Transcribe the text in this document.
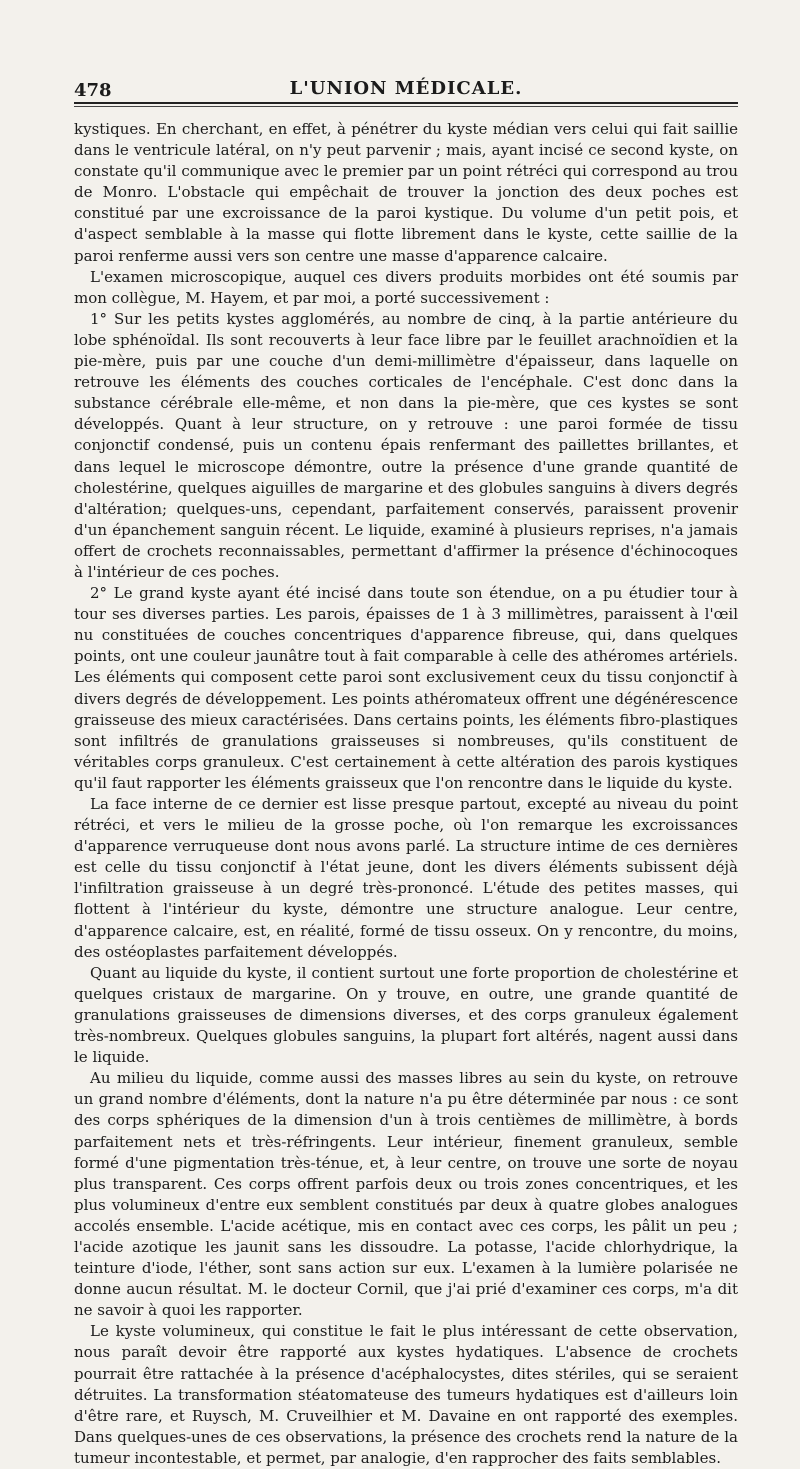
478	L'UNION MÉDICALE.

kystiques. En cherchant, en effet, à pénétrer du kyste médian vers celui qui fait saillie dans le ventricule latéral, on n'y peut parvenir ; mais, ayant incisé ce second kyste, on constate qu'il communique avec le premier par un point rétréci qui correspond au trou de Monro. L'obstacle qui empêchait de trouver la jonction des deux poches est constitué par une excroissance de la paroi kystique. Du volume d'un petit pois, et d'aspect semblable à la masse qui flotte librement dans le kyste, cette saillie de la paroi renferme aussi vers son centre une masse d'apparence calcaire.

L'examen microscopique, auquel ces divers produits morbides ont été soumis par mon collègue, M. Hayem, et par moi, a porté successivement :

1° Sur les petits kystes agglomérés, au nombre de cinq, à la partie antérieure du lobe sphénoïdal. Ils sont recouverts à leur face libre par le feuillet arachnoïdien et la pie-mère, puis par une couche d'un demi-millimètre d'épaisseur, dans laquelle on retrouve les éléments des couches corticales de l'encéphale. C'est donc dans la substance cérébrale elle-même, et non dans la pie-mère, que ces kystes se sont développés. Quant à leur structure, on y retrouve : une paroi formée de tissu conjonctif condensé, puis un contenu épais renfermant des paillettes brillantes, et dans lequel le microscope démontre, outre la présence d'une grande quantité de cholestérine, quelques aiguilles de margarine et des globules sanguins à divers degrés d'altération; quelques-uns, cependant, parfaitement conservés, paraissent provenir d'un épanchement sanguin récent. Le liquide, examiné à plusieurs reprises, n'a jamais offert de crochets reconnaissables, permettant d'affirmer la présence d'échinocoques à l'intérieur de ces poches.

2° Le grand kyste ayant été incisé dans toute son étendue, on a pu étudier tour à tour ses diverses parties. Les parois, épaisses de 1 à 3 millimètres, paraissent à l'œil nu constituées de couches concentriques d'apparence fibreuse, qui, dans quelques points, ont une couleur jaunâtre tout à fait comparable à celle des athéromes artériels. Les éléments qui composent cette paroi sont exclusivement ceux du tissu conjonctif à divers degrés de développement. Les points athéromateux offrent une dégénérescence graisseuse des mieux caractérisées. Dans certains points, les éléments fibro-plastiques sont infiltrés de granulations graisseuses si nombreuses, qu'ils constituent de véritables corps granuleux. C'est certainement à cette altération des parois kystiques qu'il faut rapporter les éléments graisseux que l'on rencontre dans le liquide du kyste.

La face interne de ce dernier est lisse presque partout, excepté au niveau du point rétréci, et vers le milieu de la grosse poche, où l'on remarque les excroissances d'apparence verruqueuse dont nous avons parlé. La structure intime de ces dernières est celle du tissu conjonctif à l'état jeune, dont les divers éléments subissent déjà l'infiltration graisseuse à un degré très-prononcé. L'étude des petites masses, qui flottent à l'intérieur du kyste, démontre une structure analogue. Leur centre, d'apparence calcaire, est, en réalité, formé de tissu osseux. On y rencontre, du moins, des ostéoplastes parfaitement développés.

Quant au liquide du kyste, il contient surtout une forte proportion de cholestérine et quelques cristaux de margarine. On y trouve, en outre, une grande quantité de granulations graisseuses de dimensions diverses, et des corps granuleux également très-nombreux. Quelques globules sanguins, la plupart fort altérés, nagent aussi dans le liquide.

Au milieu du liquide, comme aussi des masses libres au sein du kyste, on retrouve un grand nombre d'éléments, dont la nature n'a pu être déterminée par nous : ce sont des corps sphériques de la dimension d'un à trois centièmes de millimètre, à bords parfaitement nets et très-réfringents. Leur intérieur, finement granuleux, semble formé d'une pigmentation très-ténue, et, à leur centre, on trouve une sorte de noyau plus transparent. Ces corps offrent parfois deux ou trois zones concentriques, et les plus volumineux d'entre eux semblent constitués par deux à quatre globes analogues accolés ensemble. L'acide acétique, mis en contact avec ces corps, les pâlit un peu ; l'acide azotique les jaunit sans les dissoudre. La potasse, l'acide chlorhydrique, la teinture d'iode, l'éther, sont sans action sur eux. L'examen à la lumière polarisée ne donne aucun résultat. M. le docteur Cornil, que j'ai prié d'examiner ces corps, m'a dit ne savoir à quoi les rapporter.

Le kyste volumineux, qui constitue le fait le plus intéressant de cette observation, nous paraît devoir être rapporté aux kystes hydatiques. L'absence de crochets pourrait être rattachée à la présence d'acéphalocystes, dites stériles, qui se seraient détruites. La transformation stéatomateuse des tumeurs hydatiques est d'ailleurs loin d'être rare, et Ruysch, M. Cruveilhier et M. Davaine en ont rapporté des exemples. Dans quelques-unes de ces observations, la présence des crochets rend la nature de la tumeur incontestable, et permet, par analogie, d'en rapprocher des faits semblables.
